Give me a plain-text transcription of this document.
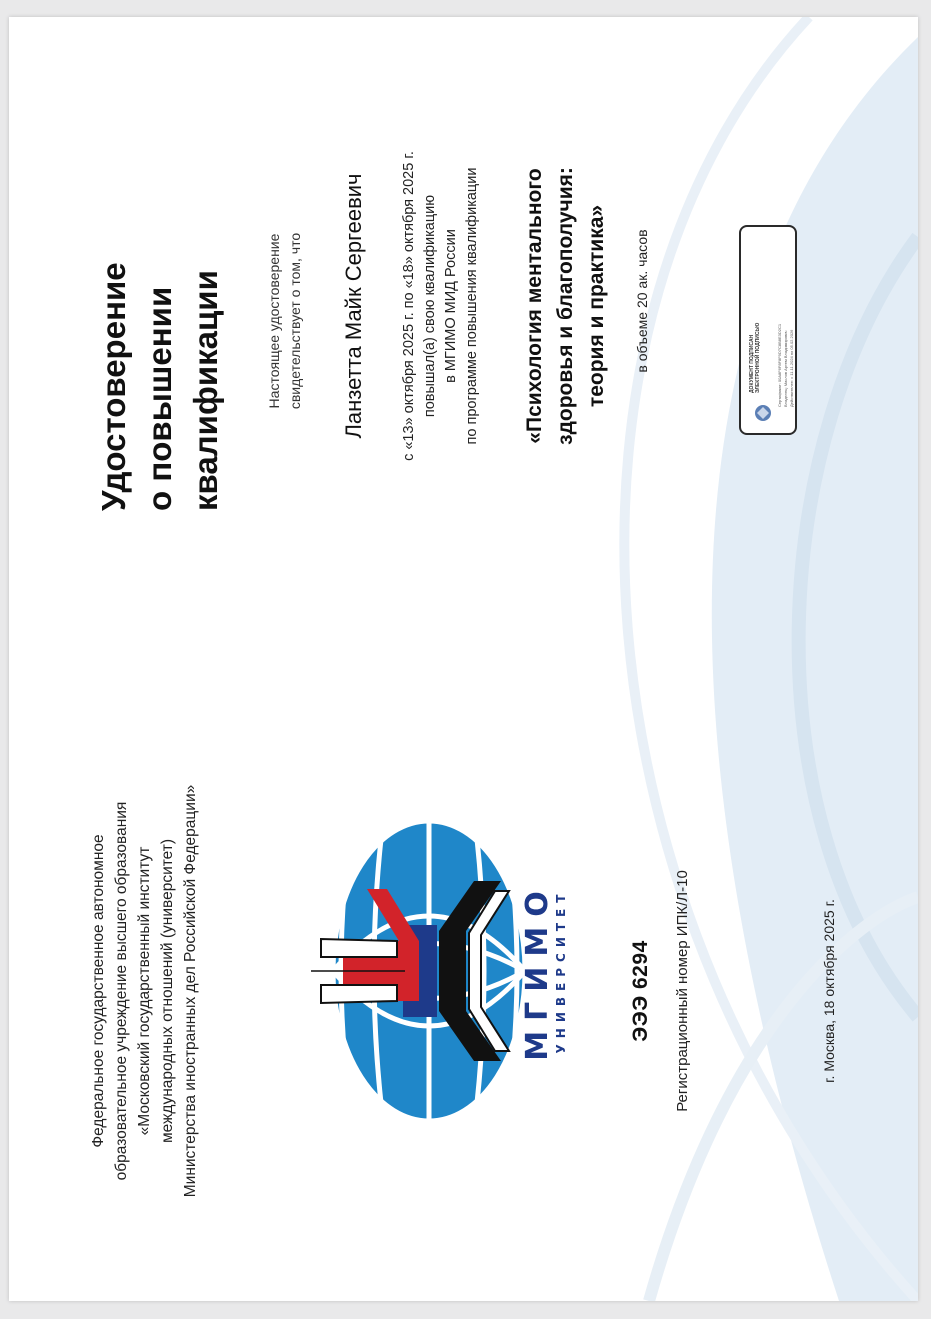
Федеральное государственное автономное образовательное учреждение высшего образования «Московский государственный институт международных отношений (университет) Министерства иностранных дел Российской Федерации»	МГИМО УНИВЕРСИТЕТ	ЭЭЭ 6294 Регистрационный номер ИПК/Л-10	г. Москва, 18 октября 2025 г.
Удостоверение о повышении квалификации	Настоящее удостоверение свидетельствует о том, что Ланзетта Майк Сергеевич с «13» октября 2025 г. по «18» октября 2025 г. повышал(а) свою квалификацию в МГИМО МИД России по программе повышения квалификации «Психология ментального здоровья и благополучия: теория и практика» в объеме 20 ак. часов	ДОКУМЕНТ ПОДПИСАН ЭЛЕКТРОННОЙ ПОДПИСЬЮ	Сертификат: 00A8F6F8F8F9D7C8B8E3D2C1 Владелец: Маслов Артем Владимирович Действителен: с 11.11.2024 по 05.02.2026
